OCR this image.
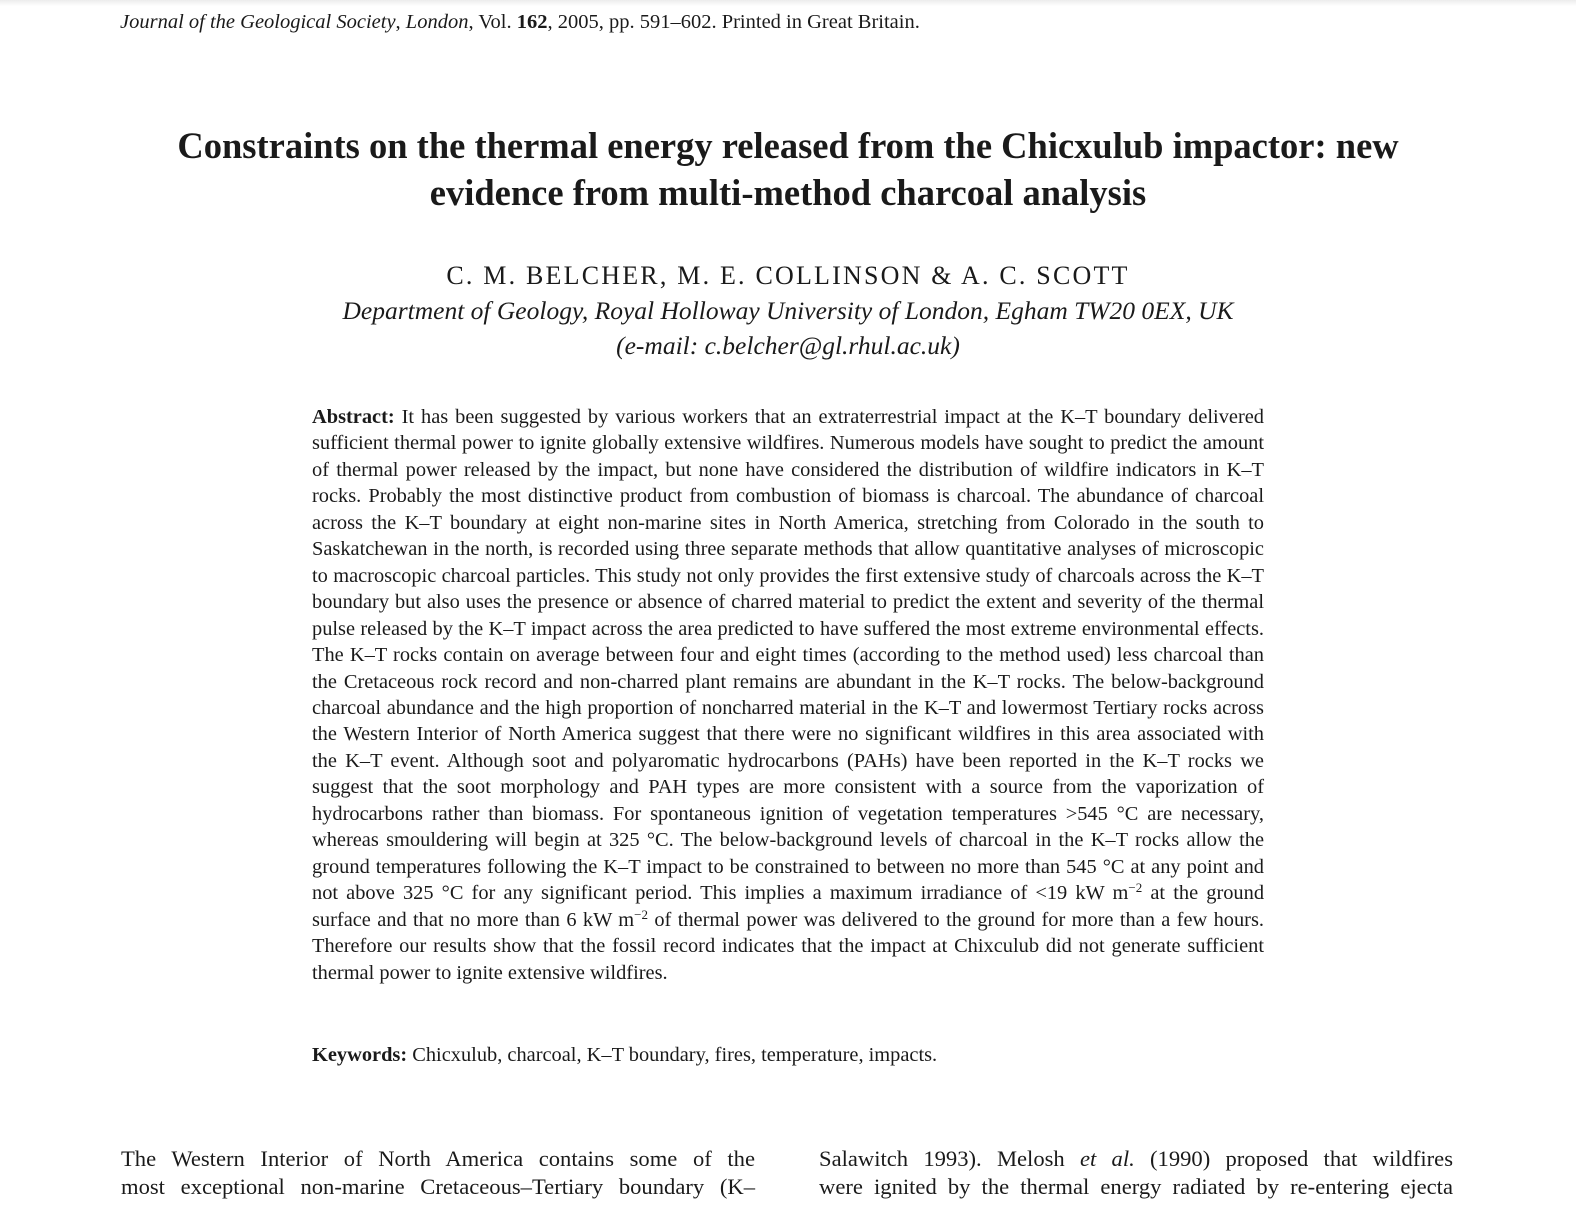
Journal of the Geological Society, London, Vol. 162, 2005, pp. 591–602. Printed in Great Britain.
Constraints on the thermal energy released from the Chicxulub impactor: new evidence from multi-method charcoal analysis
C. M. BELCHER, M. E. COLLINSON & A. C. SCOTT
Department of Geology, Royal Holloway University of London, Egham TW20 0EX, UK
(e-mail: c.belcher@gl.rhul.ac.uk)
Abstract: It has been suggested by various workers that an extraterrestrial impact at the K–T boundary delivered sufficient thermal power to ignite globally extensive wildfires. Numerous models have sought to predict the amount of thermal power released by the impact, but none have considered the distribution of wildfire indicators in K–T rocks. Probably the most distinctive product from combustion of biomass is charcoal. The abundance of charcoal across the K–T boundary at eight non-marine sites in North America, stretching from Colorado in the south to Saskatchewan in the north, is recorded using three separate methods that allow quantitative analyses of microscopic to macroscopic charcoal particles. This study not only provides the first extensive study of charcoals across the K–T boundary but also uses the presence or absence of charred material to predict the extent and severity of the thermal pulse released by the K–T impact across the area predicted to have suffered the most extreme environmental effects. The K–T rocks contain on average between four and eight times (according to the method used) less charcoal than the Cretaceous rock record and non-charred plant remains are abundant in the K–T rocks. The below-background charcoal abundance and the high proportion of noncharred material in the K–T and lowermost Tertiary rocks across the Western Interior of North America suggest that there were no significant wildfires in this area associated with the K–T event. Although soot and polyaromatic hydrocarbons (PAHs) have been reported in the K–T rocks we suggest that the soot morphology and PAH types are more consistent with a source from the vaporization of hydrocarbons rather than biomass. For spontaneous ignition of vegetation temperatures >545 °C are necessary, whereas smouldering will begin at 325 °C. The below-background levels of charcoal in the K–T rocks allow the ground temperatures following the K–T impact to be constrained to between no more than 545 °C at any point and not above 325 °C for any significant period. This implies a maximum irradiance of <19 kW $m^{-2}$ at the ground surface and that no more than 6 kW $m^{-2}$ of thermal power was delivered to the ground for more than a few hours. Therefore our results show that the fossil record indicates that the impact at Chixculub did not generate sufficient thermal power to ignite extensive wildfires.
Keywords: Chicxulub, charcoal, K–T boundary, fires, temperature, impacts.
The Western Interior of North America contains some of the
most exceptional non-marine Cretaceous–Tertiary boundary (K–
Salawitch 1993). Melosh et al. (1990) proposed that wildfires
were ignited by the thermal energy radiated by re-entering ejecta
